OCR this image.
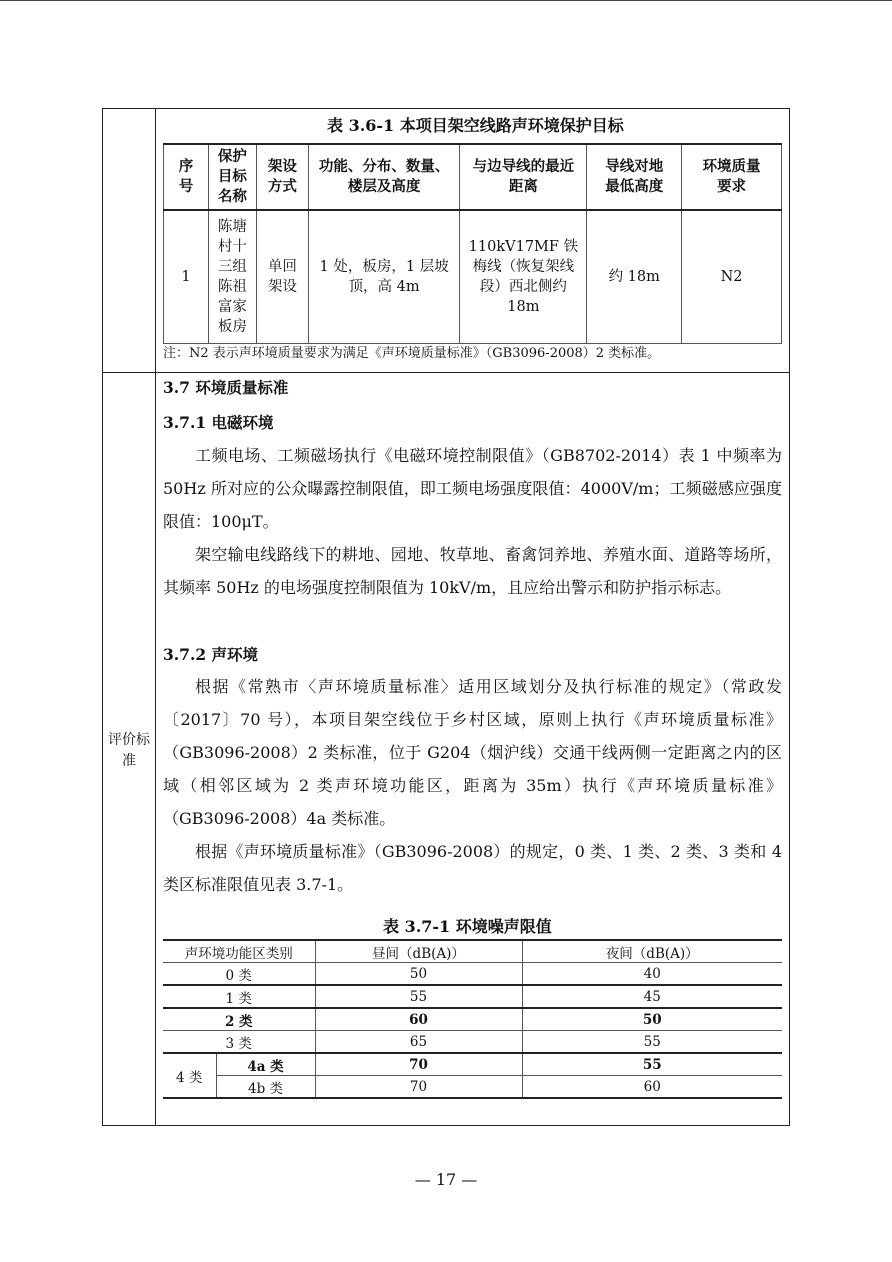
评价标准
表 3.6-1 本项目架空线路声环境保护目标
序号	保护目标名称	架设方式	功能、分布、数量、楼层及高度	与边导线的最近距离	导线对地最低高度	环境质量要求
1	陈塘村十三组陈祖富家板房	单回架设	1 处，板房，1 层坡顶，高 4m	110kV17MF 铁梅线（恢复架线段）西北侧约 18m	约 18m	N2
注：N2 表示声环境质量要求为满足《声环境质量标准》（GB3096-2008）2 类标准。
3.7 环境质量标准
3.7.1 电磁环境
工频电场、工频磁场执行《电磁环境控制限值》（GB8702-2014）表 1 中频率为 50Hz 所对应的公众曝露控制限值，即工频电场强度限值：4000V/m；工频磁感应强度限值：100μT。
架空输电线路线下的耕地、园地、牧草地、畜禽饲养地、养殖水面、道路等场所，其频率 50Hz 的电场强度控制限值为 10kV/m，且应给出警示和防护指示标志。
3.7.2 声环境
根据《常熟市〈声环境质量标准〉适用区域划分及执行标准的规定》（常政发〔2017〕70 号），本项目架空线位于乡村区域，原则上执行《声环境质量标准》（GB3096-2008）2 类标准，位于 G204（烟沪线）交通干线两侧一定距离之内的区域（相邻区域为 2 类声环境功能区，距离为 35m）执行《声环境质量标准》（GB3096-2008）4a 类标准。
根据《声环境质量标准》（GB3096-2008）的规定，0 类、1 类、2 类、3 类和 4 类区标准限值见表 3.7-1。
表 3.7-1 环境噪声限值
声环境功能区类别		昼间（dB(A)）	夜间（dB(A)）
0 类		50	40
1 类		55	45
2 类		60	50
3 类		65	55
4 类	4a 类	70	55
	4b 类	70	60
— 17 —
